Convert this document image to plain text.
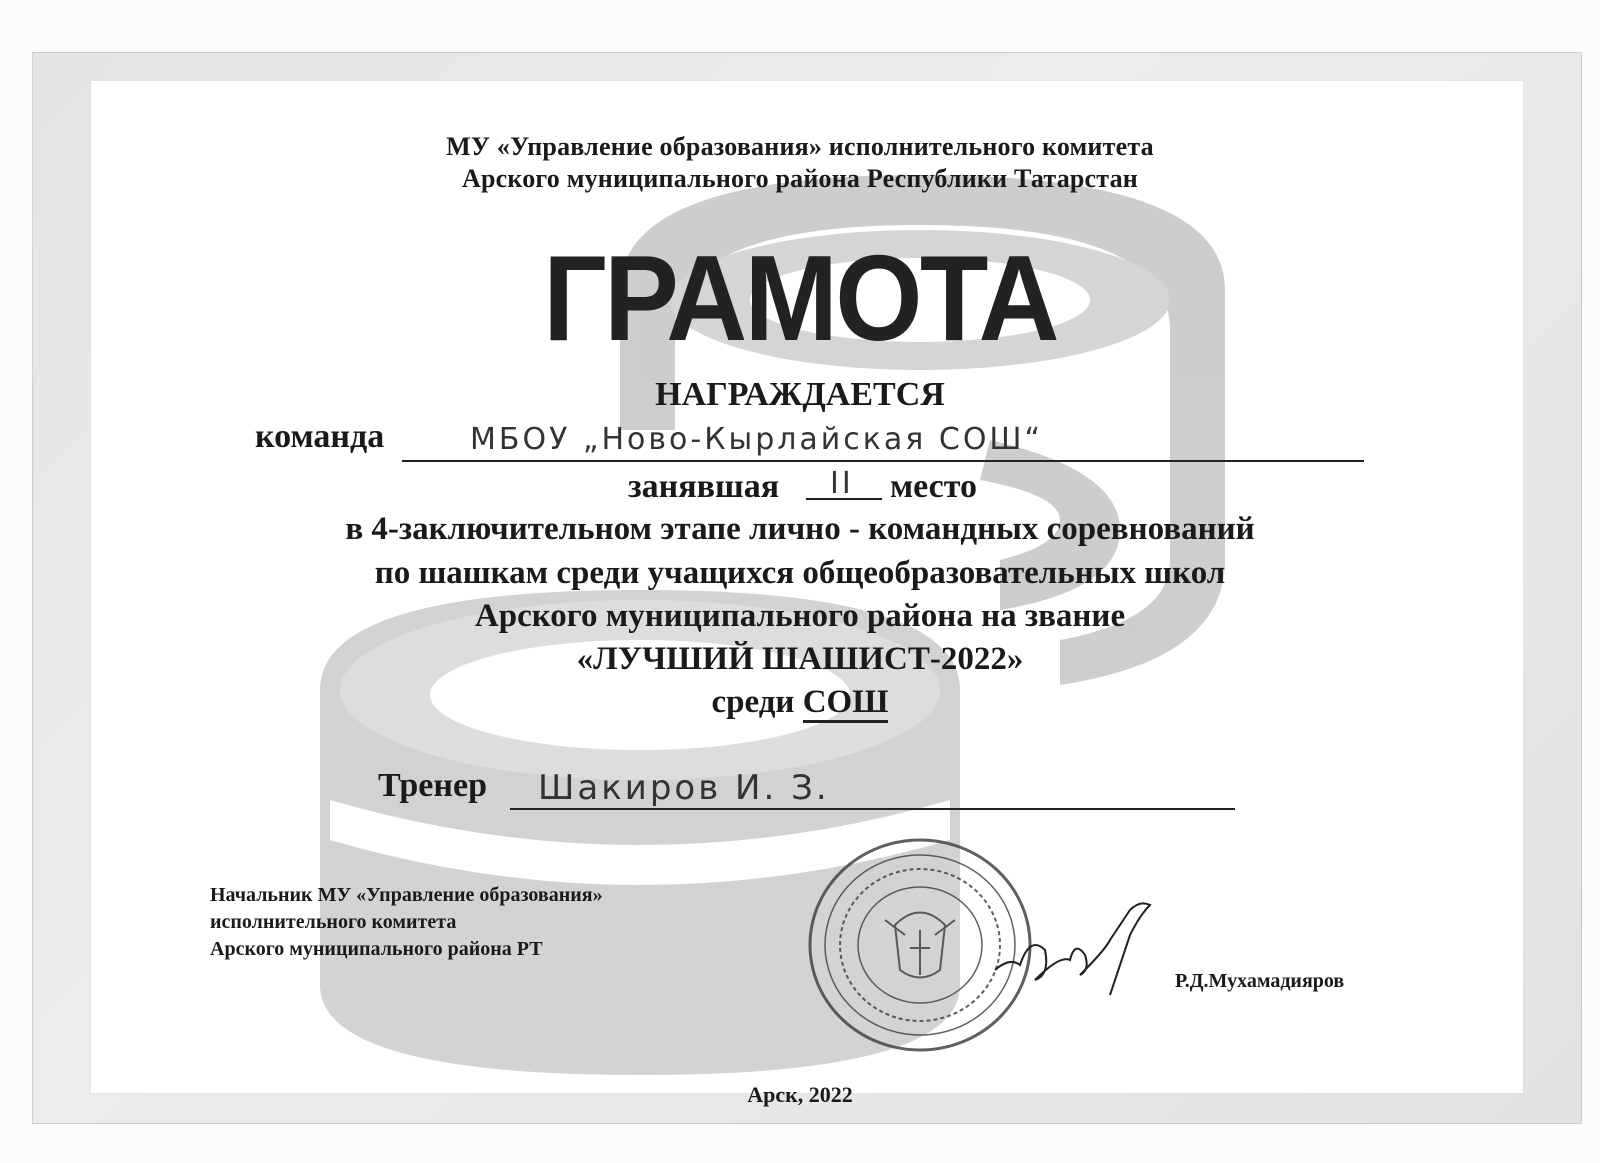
МУ «Управление образования» исполнительного комитета
Арского муниципального района Республики Татарстан
ГРАМОТА
НАГРАЖДАЕТСЯ
команда	МБОУ „Ново-Кырлайская СОШ“
занявшая II место
в 4-заключительном этапе лично - командных соревнований
по шашкам среди учащихся общеобразовательных школ
Арского муниципального района на звание
«ЛУЧШИЙ ШАШИСТ-2022»
среди СОШ
Тренер Шакиров И. З.
Начальник МУ «Управление образования»
исполнительного комитета
Арского муниципального района РТ
Р.Д.Мухамадияров
Арск, 2022
